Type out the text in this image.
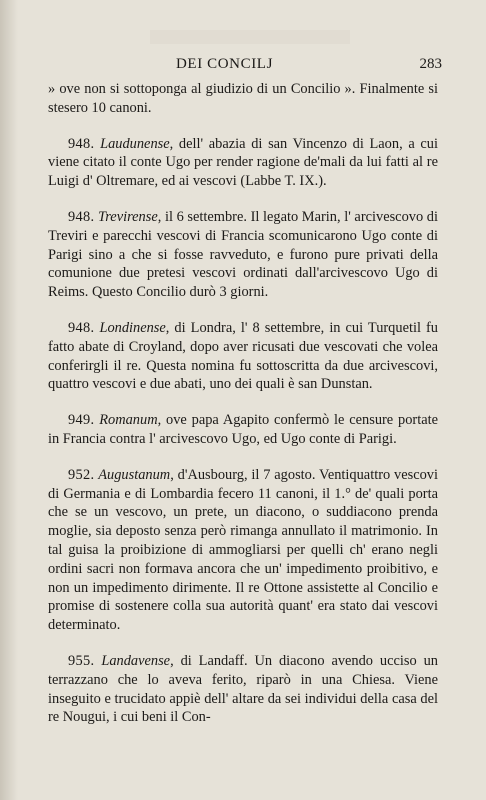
DEI CONCILJ	283

» ove non si sottoponga al giudizio di un Concilio ». Finalmente si stesero 10 canoni.

948. Laudunense, dell' abazia di san Vincenzo di Laon, a cui viene citato il conte Ugo per render ragione de'mali da lui fatti al re Luigi d' Oltremare, ed ai vescovi (Labbe T. IX.).

948. Trevirense, il 6 settembre. Il legato Marin, l' arcivescovo di Treviri e parecchi vescovi di Francia scomunicarono Ugo conte di Parigi sino a che si fosse ravveduto, e furono pure privati della comunione due pretesi vescovi ordinati dall'arcivescovo Ugo di Reims. Questo Concilio durò 3 giorni.

948. Londinense, di Londra, l' 8 settembre, in cui Turquetil fu fatto abate di Croyland, dopo aver ricusati due vescovati che volea conferirgli il re. Questa nomina fu sottoscritta da due arcivescovi, quattro vescovi e due abati, uno dei quali è san Dunstan.

949. Romanum, ove papa Agapito confermò le censure portate in Francia contra l' arcivescovo Ugo, ed Ugo conte di Parigi.

952. Augustanum, d'Ausbourg, il 7 agosto. Ventiquattro vescovi di Germania e di Lombardia fecero 11 canoni, il 1.° de' quali porta che se un vescovo, un prete, un diacono, o suddiacono prenda moglie, sia deposto senza però rimanga annullato il matrimonio. In tal guisa la proibizione di ammogliarsi per quelli ch' erano negli ordini sacri non formava ancora che un' impedimento proibitivo, e non un impedimento dirimente. Il re Ottone assistette al Concilio e promise di sostenere colla sua autorità quant' era stato dai vescovi determinato.

955. Landavense, di Landaff. Un diacono avendo ucciso un terrazzano che lo aveva ferito, riparò in una Chiesa. Viene inseguito e trucidato appiè dell' altare da sei individui della casa del re Nougui, i cui beni il Con-
